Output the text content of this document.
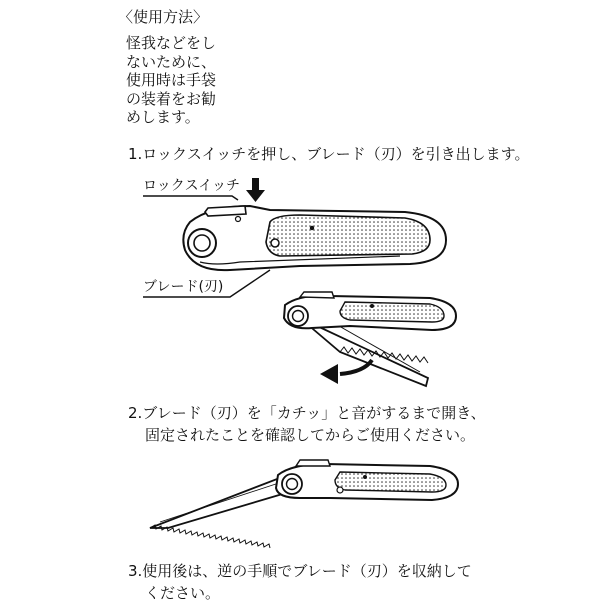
〈使用方法〉
怪我などをし
ないために、
使用時は手袋
の装着をお勧
めします。
1.ロックスイッチを押し、ブレード（刃）を引き出します。
ロックスイッチ
ブレード(刃)
2.ブレード（刃）を「カチッ」と音がするまで開き、
固定されたことを確認してからご使用ください。
3.使用後は、逆の手順でブレード（刃）を収納して
ください。
